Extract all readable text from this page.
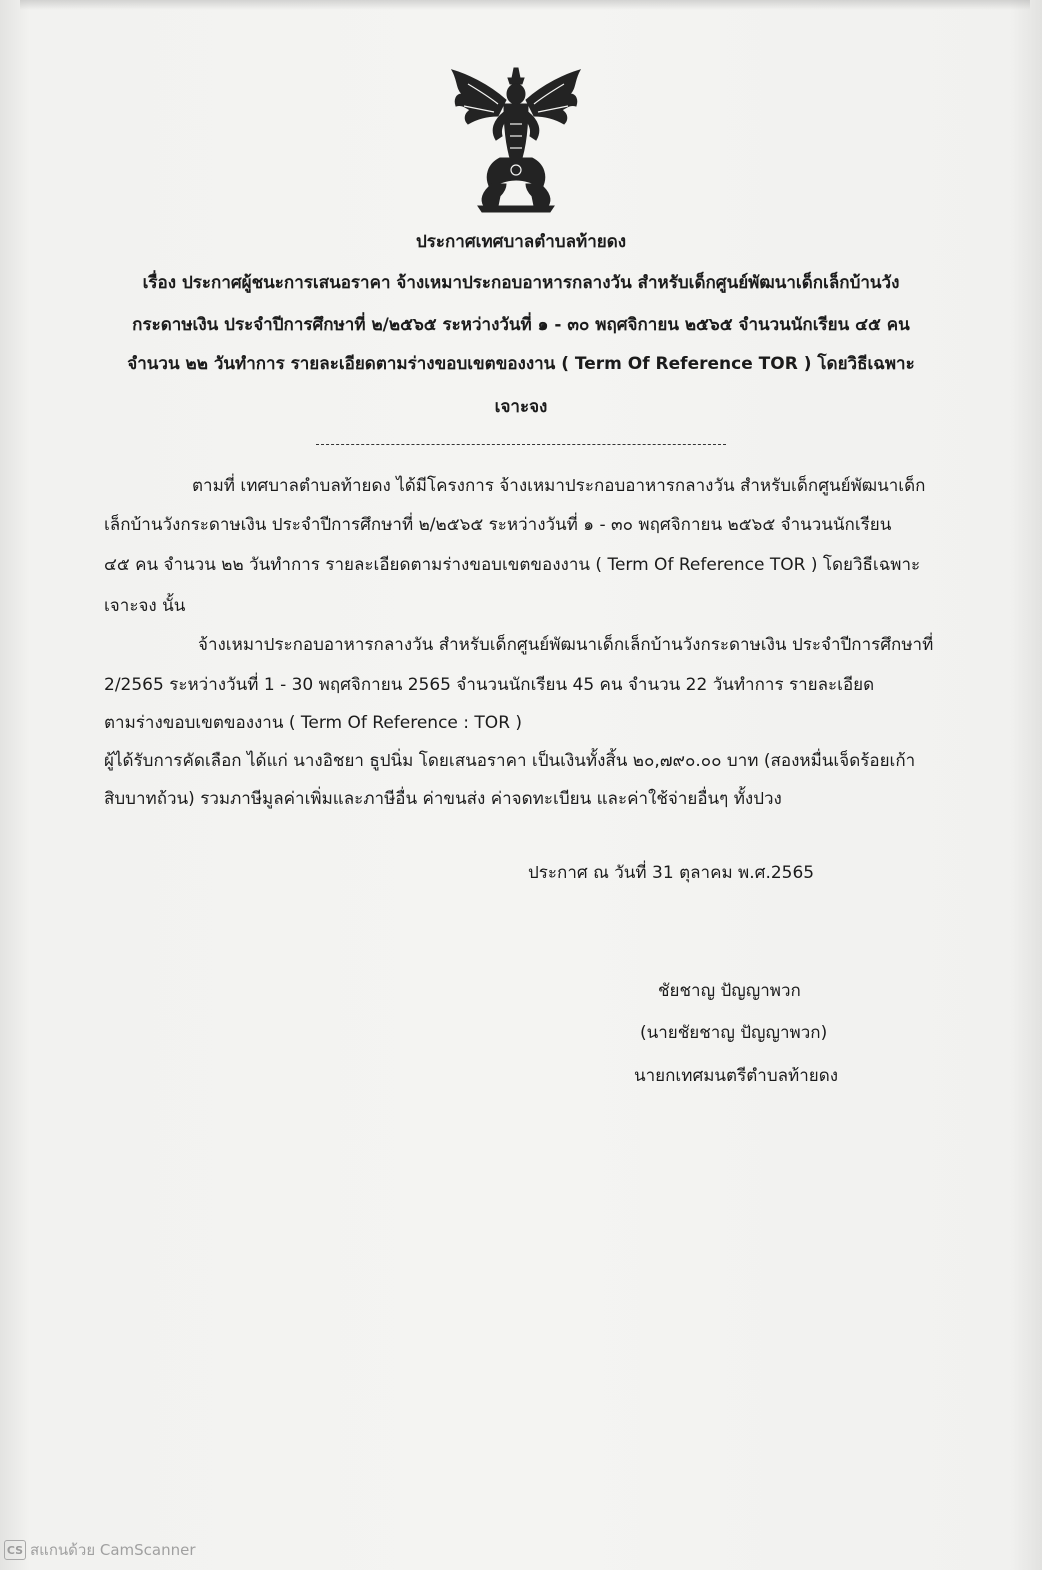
ประกาศเทศบาลตำบลท้ายดง
เรื่อง ประกาศผู้ชนะการเสนอราคา จ้างเหมาประกอบอาหารกลางวัน สำหรับเด็กศูนย์พัฒนาเด็กเล็กบ้านวัง
กระดาษเงิน ประจำปีการศึกษาที่ ๒/๒๕๖๕ ระหว่างวันที่ ๑ - ๓๐ พฤศจิกายน ๒๕๖๕ จำนวนนักเรียน ๔๕ คน
จำนวน ๒๒ วันทำการ รายละเอียดตามร่างขอบเขตของงาน ( Term Of Reference TOR ) โดยวิธีเฉพาะ
เจาะจง
ตามที่ เทศบาลตำบลท้ายดง ได้มีโครงการ จ้างเหมาประกอบอาหารกลางวัน สำหรับเด็กศูนย์พัฒนาเด็ก
เล็กบ้านวังกระดาษเงิน ประจำปีการศึกษาที่ ๒/๒๕๖๕ ระหว่างวันที่ ๑ - ๓๐ พฤศจิกายน ๒๕๖๕ จำนวนนักเรียน
๔๕ คน จำนวน ๒๒ วันทำการ รายละเอียดตามร่างขอบเขตของงาน ( Term Of Reference TOR ) โดยวิธีเฉพาะ
เจาะจง นั้น
จ้างเหมาประกอบอาหารกลางวัน สำหรับเด็กศูนย์พัฒนาเด็กเล็กบ้านวังกระดาษเงิน ประจำปีการศึกษาที่
2/2565 ระหว่างวันที่ 1 - 30 พฤศจิกายน 2565 จำนวนนักเรียน 45 คน จำนวน 22 วันทำการ รายละเอียด
ตามร่างขอบเขตของงาน ( Term Of Reference : TOR )
ผู้ได้รับการคัดเลือก ได้แก่ นางอิชยา ธูปนิ่ม โดยเสนอราคา เป็นเงินทั้งสิ้น ๒๐,๗๙๐.๐๐ บาท (สองหมื่นเจ็ดร้อยเก้า
สิบบาทถ้วน) รวมภาษีมูลค่าเพิ่มและภาษีอื่น ค่าขนส่ง ค่าจดทะเบียน และค่าใช้จ่ายอื่นๆ ทั้งปวง
ประกาศ ณ วันที่ 31 ตุลาคม พ.ศ.2565
ชัยชาญ ปัญญาพวก
(นายชัยชาญ ปัญญาพวก)
นายกเทศมนตรีตำบลท้ายดง
CS สแกนด้วย CamScanner
